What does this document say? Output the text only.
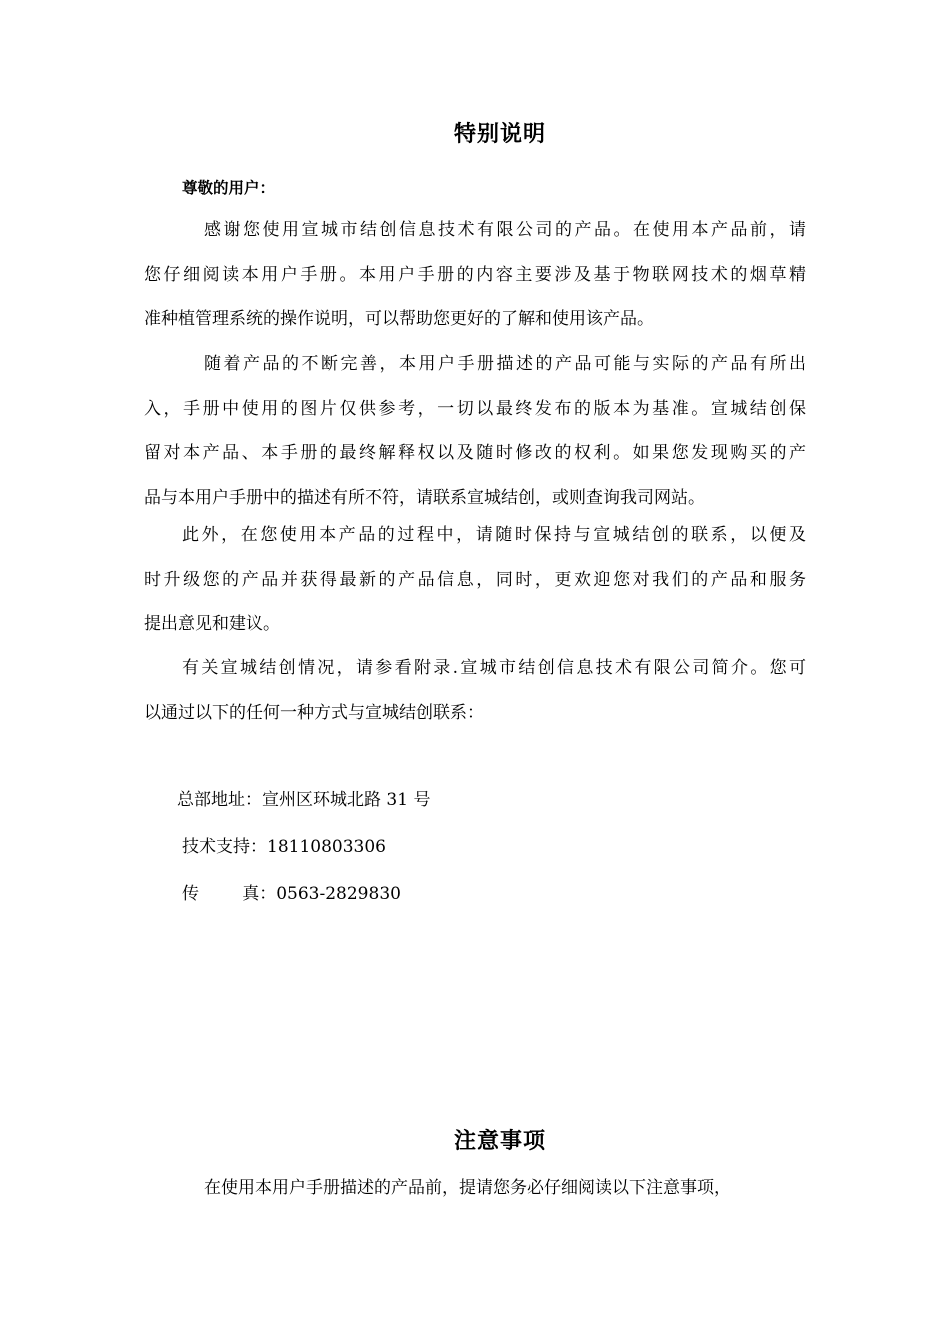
特别说明
尊敬的用户：

感谢您使用宣城市结创信息技术有限公司的产品。在使用本产品前，请
您仔细阅读本用户手册。本用户手册的内容主要涉及基于物联网技术的烟草精
准种植管理系统的操作说明，可以帮助您更好的了解和使用该产品。

随着产品的不断完善，本用户手册描述的产品可能与实际的产品有所出
入，手册中使用的图片仅供参考，一切以最终发布的版本为基准。宣城结创保
留对本产品、本手册的最终解释权以及随时修改的权利。如果您发现购买的产
品与本用户手册中的描述有所不符，请联系宣城结创，或则查询我司网站。

此外，在您使用本产品的过程中，请随时保持与宣城结创的联系，以便及
时升级您的产品并获得最新的产品信息，同时，更欢迎您对我们的产品和服务
提出意见和建议。

有关宣城结创情况，请参看附录.宣城市结创信息技术有限公司简介。您可
以通过以下的任何一种方式与宣城结创联系：

总部地址：宣州区环城北路 31 号
技术支持：18110803306
传        真：0563-2829830
注意事项

在使用本用户手册描述的产品前，提请您务必仔细阅读以下注意事项，
